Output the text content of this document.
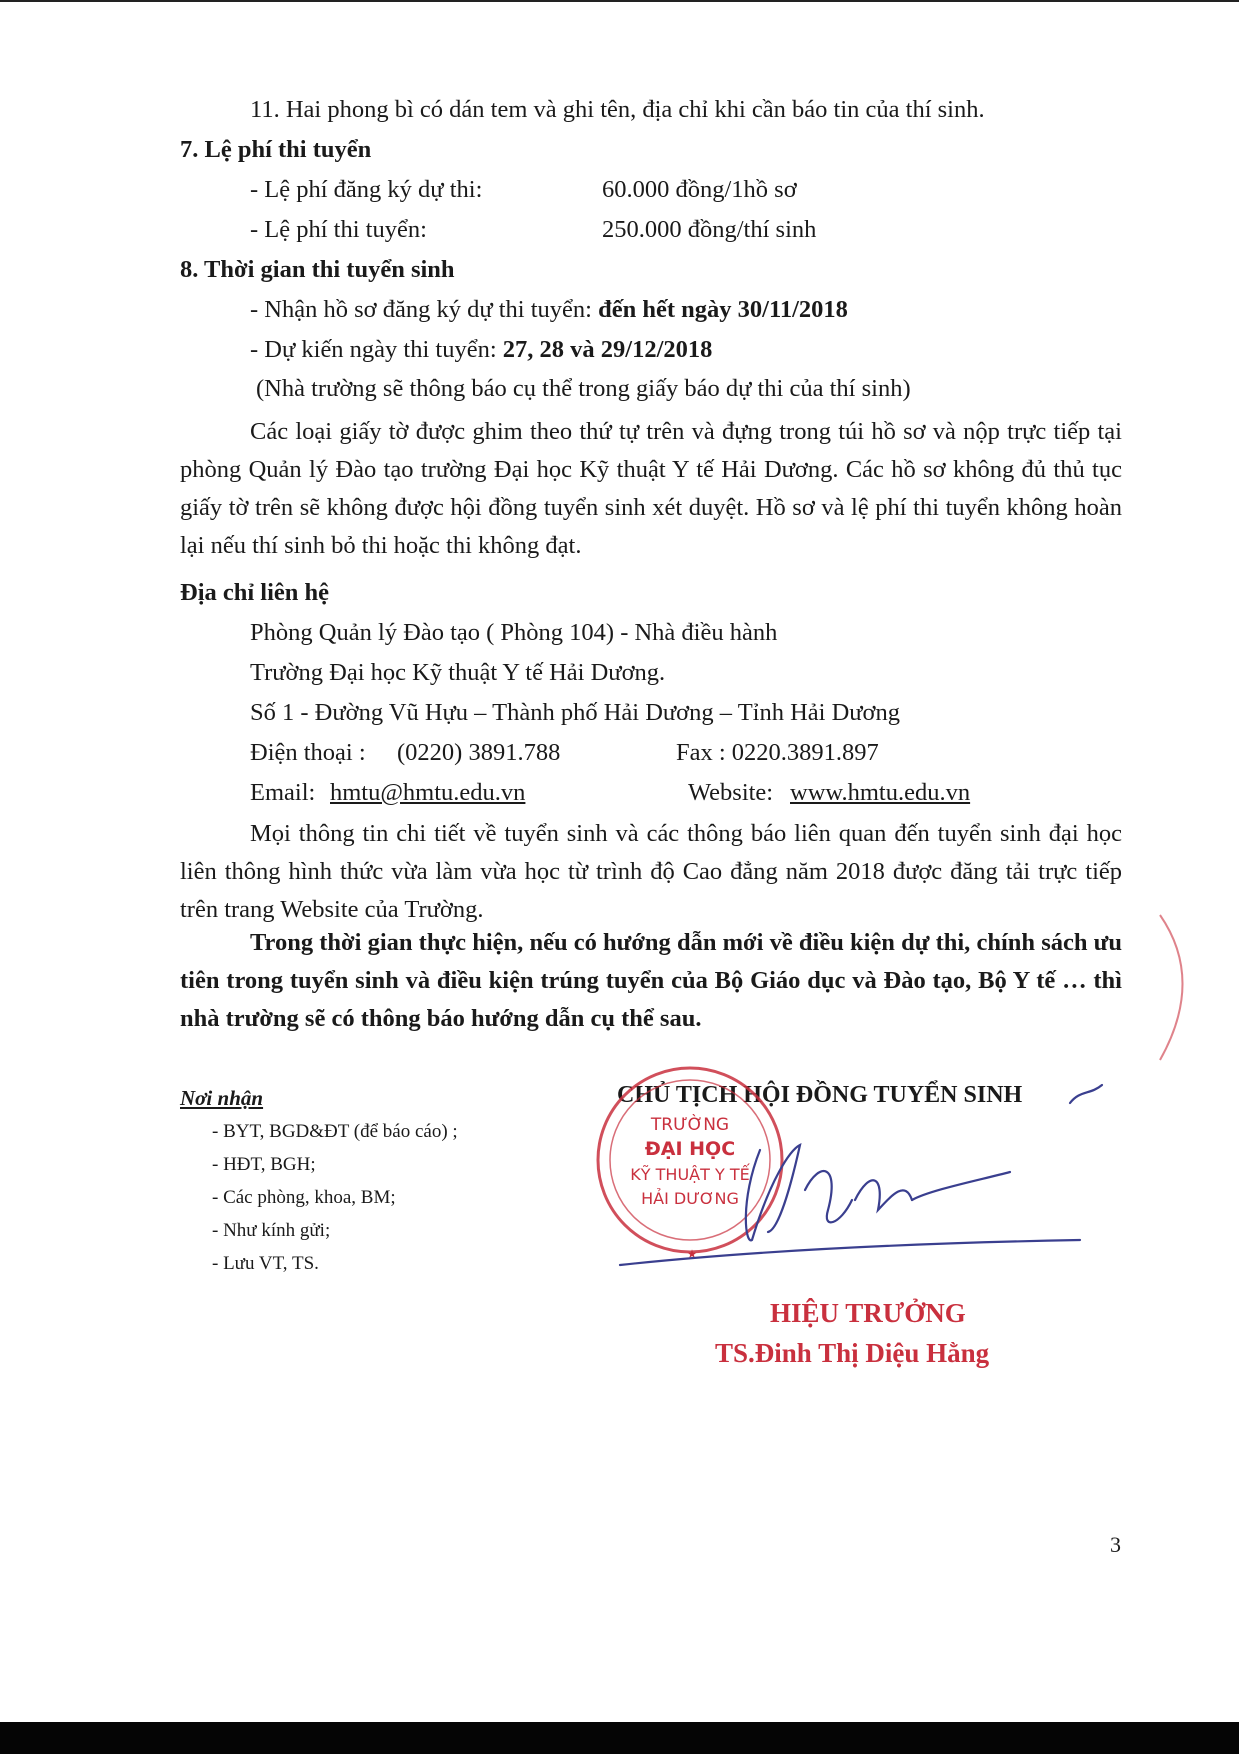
11. Hai phong bì có dán tem và ghi tên, địa chỉ khi cần báo tin của thí sinh.
7. Lệ phí thi tuyển
- Lệ phí đăng ký dự thi:	60.000 đồng/1hồ sơ
- Lệ phí thi tuyển:	250.000 đồng/thí sinh
8. Thời gian thi tuyển sinh
- Nhận hồ sơ đăng ký dự thi tuyển: đến hết ngày 30/11/2018
- Dự kiến ngày thi tuyển: 27, 28 và 29/12/2018
(Nhà trường sẽ thông báo cụ thể trong giấy báo dự thi của thí sinh)
Các loại giấy tờ được ghim theo thứ tự trên và đựng trong túi hồ sơ và nộp trực tiếp tại phòng Quản lý Đào tạo trường Đại học Kỹ thuật Y tế Hải Dương. Các hồ sơ không đủ thủ tục giấy tờ trên sẽ không được hội đồng tuyển sinh xét duyệt. Hồ sơ và lệ phí thi tuyển không hoàn lại nếu thí sinh bỏ thi hoặc thi không đạt.
Địa chỉ liên hệ
Phòng Quản lý Đào tạo ( Phòng 104) - Nhà điều hành
Trường Đại học Kỹ thuật Y tế Hải Dương.
Số 1 - Đường Vũ Hựu – Thành phố Hải Dương – Tỉnh Hải Dương
Điện thoại : (0220) 3891.788	Fax : 0220.3891.897
Email: hmtu@hmtu.edu.vn	Website: www.hmtu.edu.vn
Mọi thông tin chi tiết về tuyển sinh và các thông báo liên quan đến tuyển sinh đại học liên thông hình thức vừa làm vừa học từ trình độ Cao đẳng năm 2018 được đăng tải trực tiếp trên trang Website của Trường.
Trong thời gian thực hiện, nếu có hướng dẫn mới về điều kiện dự thi, chính sách ưu tiên trong tuyển sinh và điều kiện trúng tuyển của Bộ Giáo dục và Đào tạo, Bộ Y tế … thì nhà trường sẽ có thông báo hướng dẫn cụ thể sau.
Nơi nhận
- BYT, BGD&ĐT (để báo cáo) ;
- HĐT, BGH;
- Các phòng, khoa, BM;
- Như kính gửi;
- Lưu VT, TS.
CHỦ TỊCH HỘI ĐỒNG TUYỂN SINH
TRƯỜNG
ĐẠI HỌC
KỸ THUẬT Y TẾ
HẢI DƯƠNG
★
HIỆU TRƯỞNG
TS.Đinh Thị Diệu Hằng
3
